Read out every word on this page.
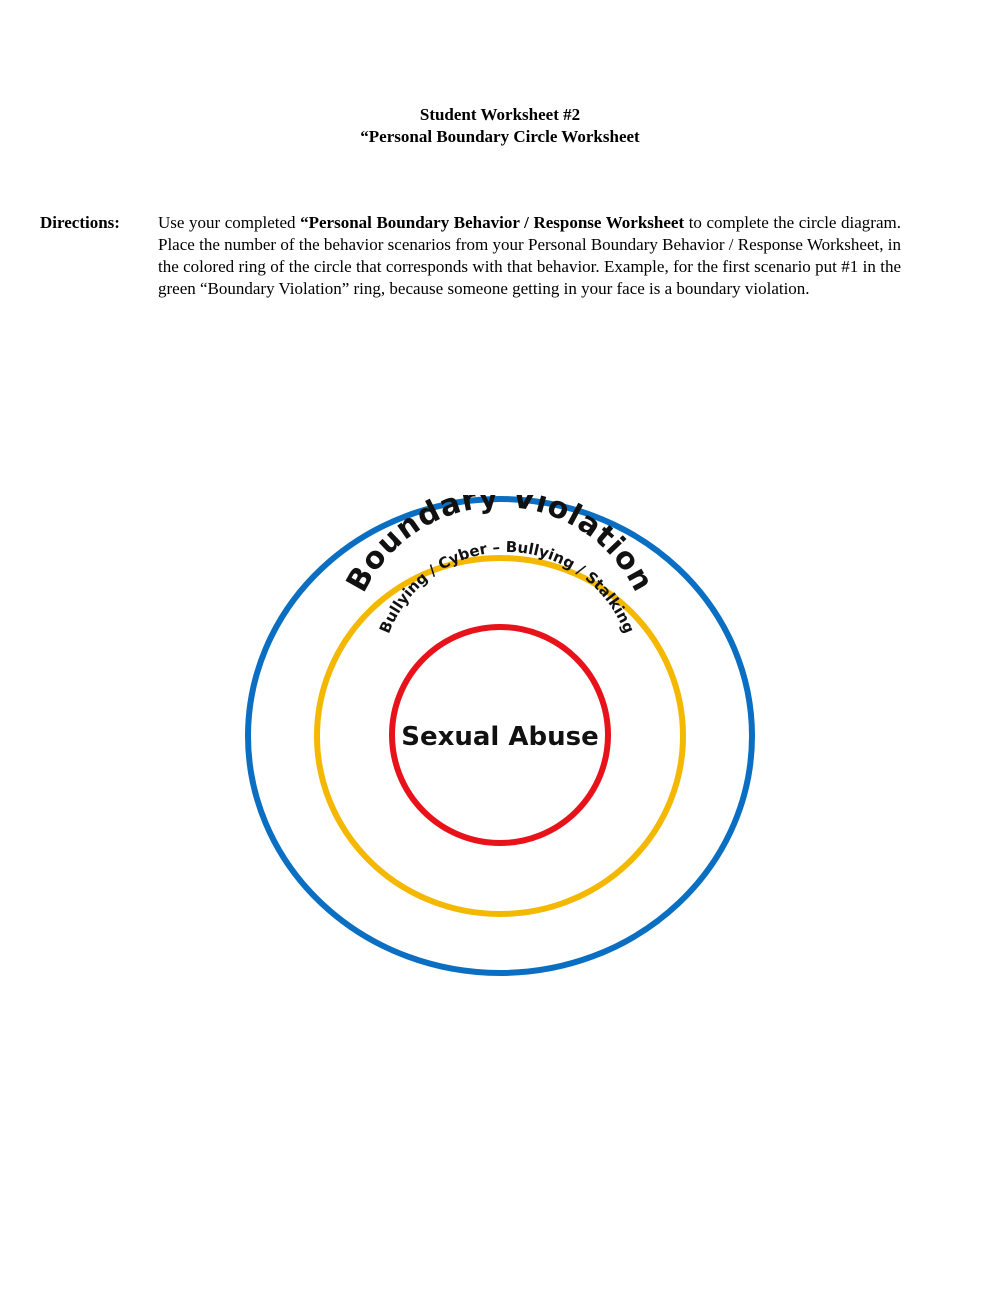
Student Worksheet #2
“Personal Boundary Circle Worksheet
Directions: Use your completed “Personal Boundary Behavior / Response Worksheet to complete the circle diagram. Place the number of the behavior scenarios from your Personal Boundary Behavior / Response Worksheet, in the colored ring of the circle that corresponds with that behavior. Example, for the first scenario put #1 in the green “Boundary Violation” ring, because someone getting in your face is a boundary violation.
Boundary Violation
Bullying / Cyber – Bullying / Stalking
Sexual Abuse
